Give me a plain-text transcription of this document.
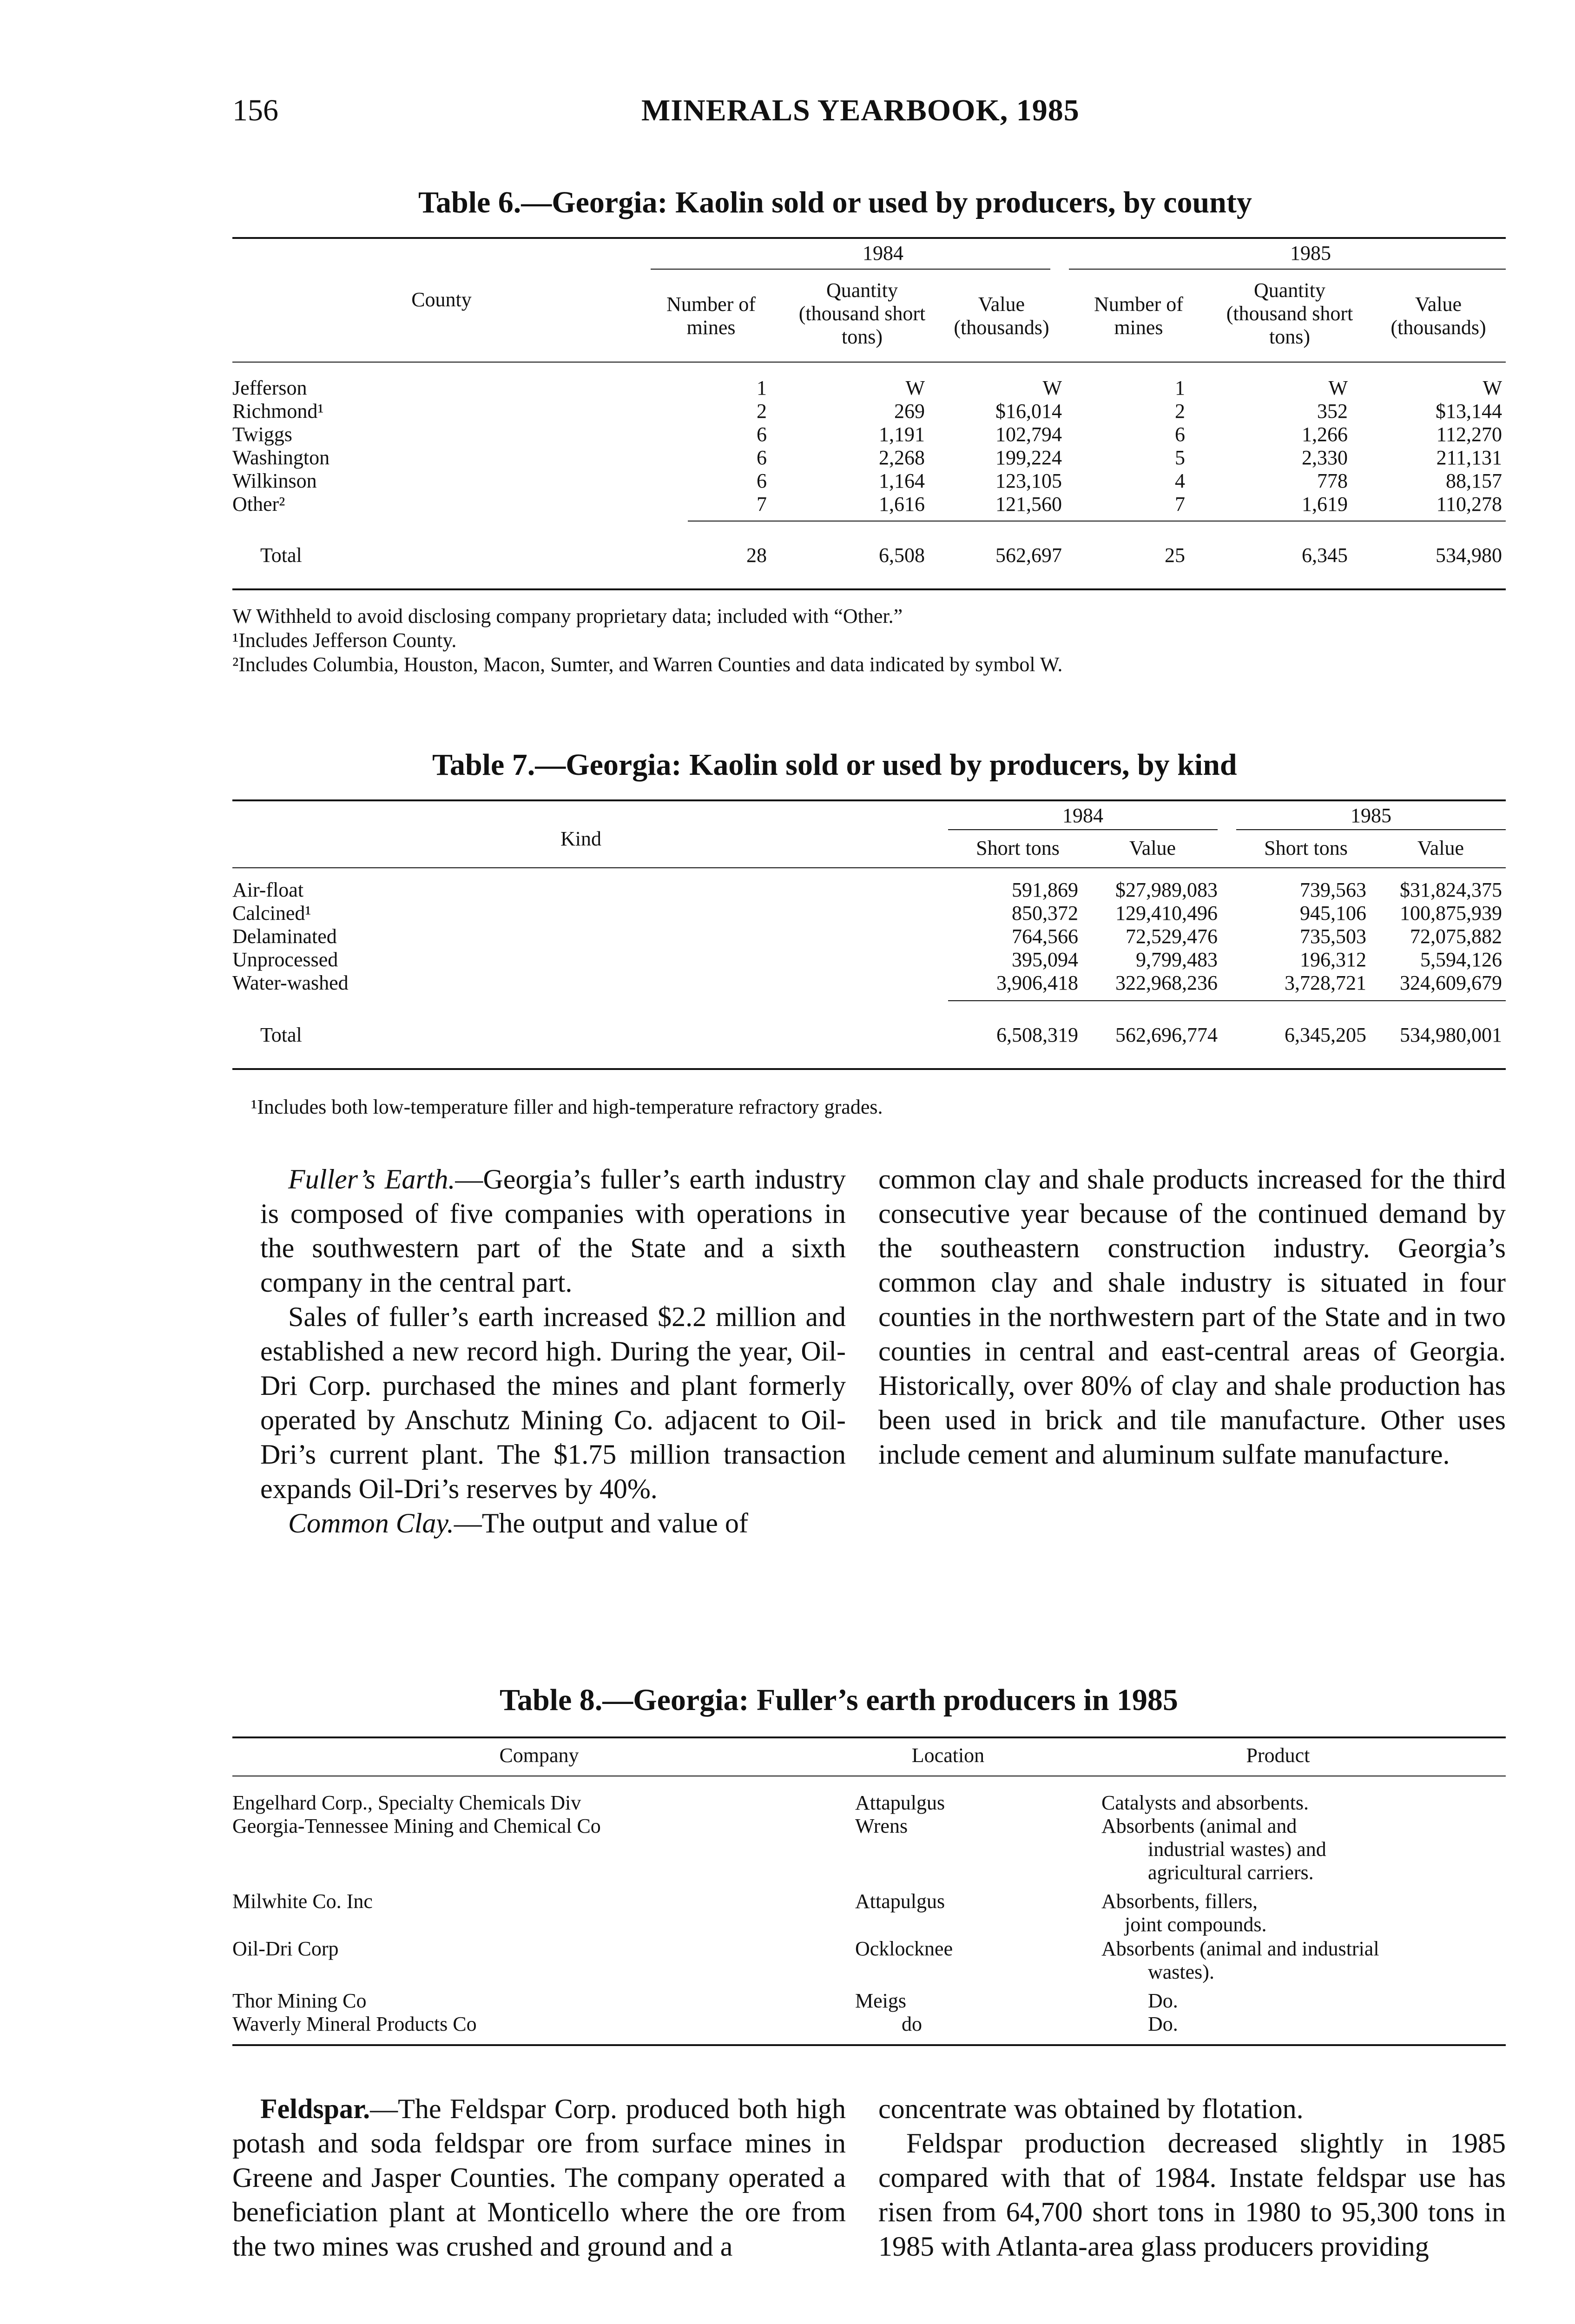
156	MINERALS YEARBOOK, 1985
Table 6.—Georgia: Kaolin sold or used by producers, by county
1984	1985
County	Number of mines
Quantity (thousand short tons)
Value (thousands)
Number of mines
Quantity (thousand short tons)
Value (thousands)
Jefferson	1	W	W	1	W	W
Richmond¹	2	269	$16,014	2	352	$13,144
Twiggs	6	1,191	102,794	6	1,266	112,270
Washington	6	2,268	199,224	5	2,330	211,131
Wilkinson	6	1,164	123,105	4	778	88,157
Other²	7	1,616	121,560	7	1,619	110,278
Total	28	6,508	562,697	25	6,345	534,980
W Withheld to avoid disclosing company proprietary data; included with “Other.”
¹Includes Jefferson County.
²Includes Columbia, Houston, Macon, Sumter, and Warren Counties and data indicated by symbol W.
Table 7.—Georgia: Kaolin sold or used by producers, by kind
Kind
1984	1985
Short tons	Value	Short tons	Value
Air-float	591,869	$27,989,083	739,563	$31,824,375
Calcined¹	850,372	129,410,496	945,106	100,875,939
Delaminated	764,566	72,529,476	735,503	72,075,882
Unprocessed	395,094	9,799,483	196,312	5,594,126
Water-washed	3,906,418	322,968,236	3,728,721	324,609,679
Total	6,508,319	562,696,774	6,345,205	534,980,001
¹Includes both low-temperature filler and high-temperature refractory grades.

Fuller’s Earth.—Georgia’s fuller’s earth industry is composed of five companies with operations in the southwestern part of the State and a sixth company in the central part.

Sales of fuller’s earth increased $2.2 million and established a new record high. During the year, Oil-Dri Corp. purchased the mines and plant formerly operated by Anschutz Mining Co. adjacent to Oil-Dri’s current plant. The $1.75 million transaction expands Oil-Dri’s reserves by 40%.

Common Clay.—The output and value of

common clay and shale products increased for the third consecutive year because of the continued demand by the southeastern construction industry. Georgia’s common clay and shale industry is situated in four counties in the northwestern part of the State and in two counties in central and east-central areas of Georgia. Historically, over 80% of clay and shale production has been used in brick and tile manufacture. Other uses include cement and aluminum sulfate manufacture.

Table 8.—Georgia: Fuller’s earth producers in 1985
Company	Location	Product
Engelhard Corp., Specialty Chemicals Div	Attapulgus	Catalysts and absorbents.
Georgia-Tennessee Mining and Chemical Co	Wrens	Absorbents (animal and
industrial wastes) and
agricultural carriers.
Milwhite Co. Inc	Attapulgus	Absorbents, fillers,
joint compounds.
Oil-Dri Corp	Ocklocknee	Absorbents (animal and industrial
wastes).
Thor Mining Co	Meigs	Do.
Waverly Mineral Products Co	do	Do.

Feldspar.—The Feldspar Corp. produced both high potash and soda feldspar ore from surface mines in Greene and Jasper Counties. The company operated a beneficiation plant at Monticello where the ore from the two mines was crushed and ground and a

concentrate was obtained by flotation.

Feldspar production decreased slightly in 1985 compared with that of 1984. Instate feldspar use has risen from 64,700 short tons in 1980 to 95,300 tons in 1985 with Atlanta-area glass producers providing
